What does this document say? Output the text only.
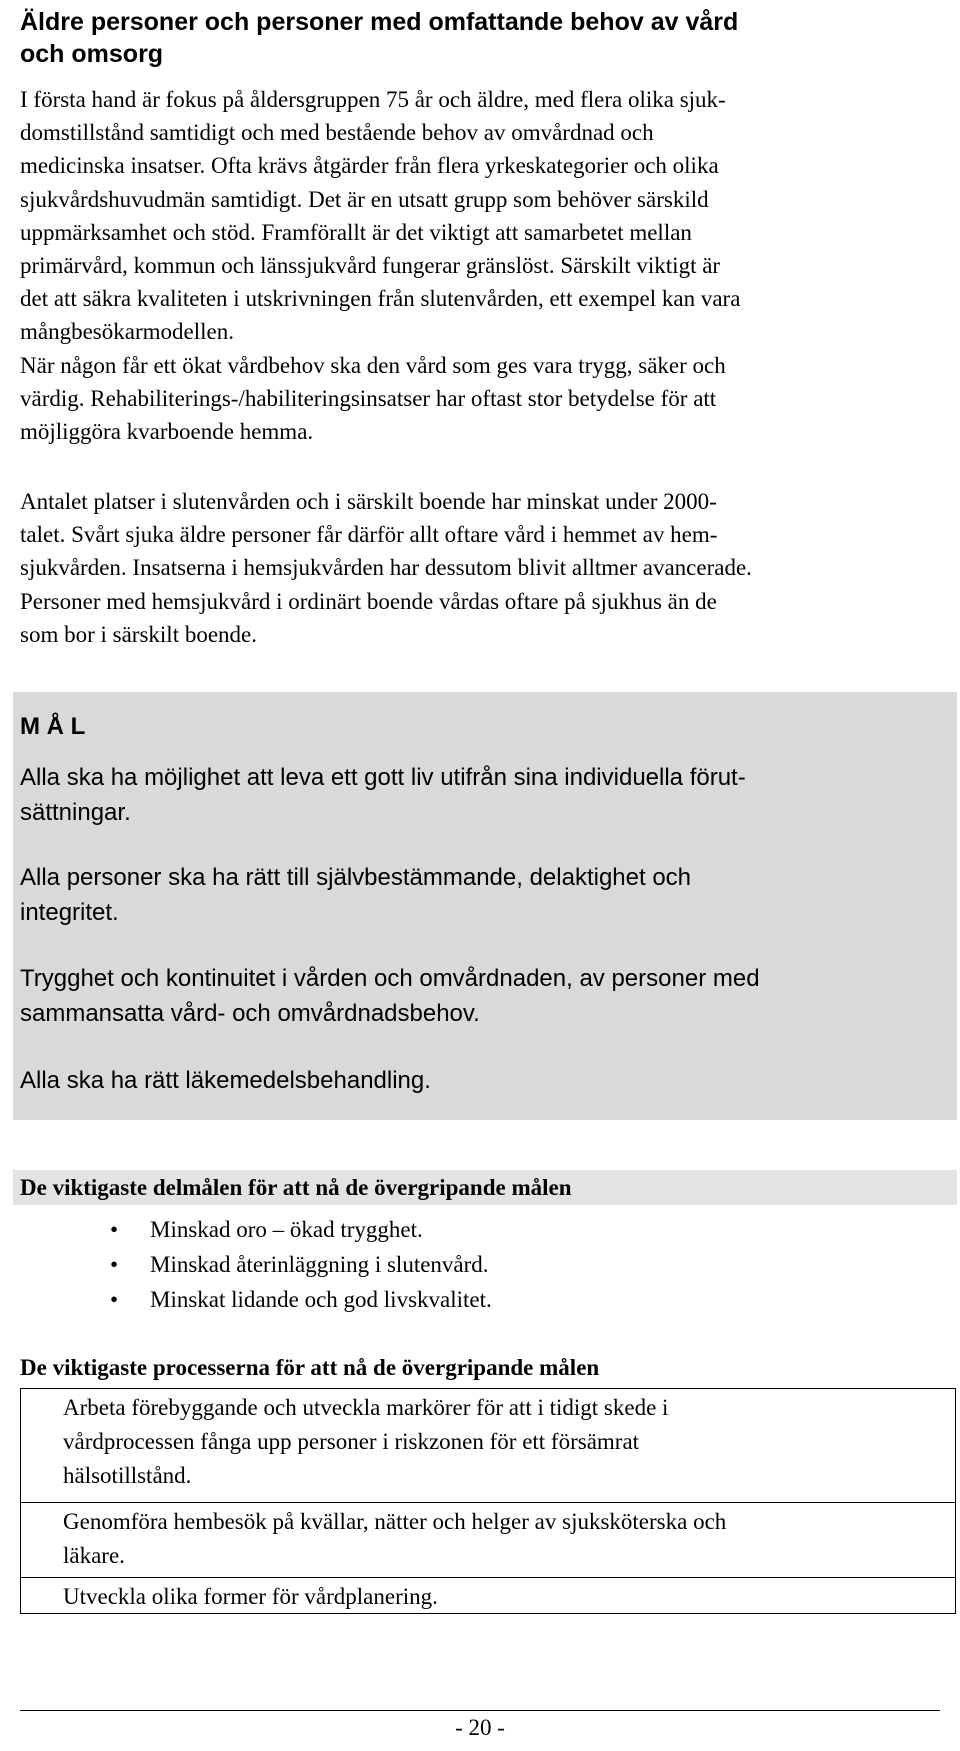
Äldre personer och personer med omfattande behov av vård
och omsorg
I första hand är fokus på åldersgruppen 75 år och äldre, med flera olika sjuk-
domstillstånd samtidigt och med bestående behov av omvårdnad och
medicinska insatser. Ofta krävs åtgärder från flera yrkeskategorier och olika
sjukvårdshuvudmän samtidigt. Det är en utsatt grupp som behöver särskild
uppmärksamhet och stöd. Framförallt är det viktigt att samarbetet mellan
primärvård, kommun och länssjukvård fungerar gränslöst. Särskilt viktigt är
det att säkra kvaliteten i utskrivningen från slutenvården, ett exempel kan vara
mångbesökarmodellen.
När någon får ett ökat vårdbehov ska den vård som ges vara trygg, säker och
värdig. Rehabiliterings-/habiliteringsinsatser har oftast stor betydelse för att
möjliggöra kvarboende hemma.
Antalet platser i slutenvården och i särskilt boende har minskat under 2000-
talet. Svårt sjuka äldre personer får därför allt oftare vård i hemmet av hem-
sjukvården. Insatserna i hemsjukvården har dessutom blivit alltmer avancerade.
Personer med hemsjukvård i ordinärt boende vårdas oftare på sjukhus än de
som bor i särskilt boende.
M Å L
Alla ska ha möjlighet att leva ett gott liv utifrån sina individuella förut-
sättningar.
Alla personer ska ha rätt till självbestämmande, delaktighet och
integritet.
Trygghet och kontinuitet i vården och omvårdnaden, av personer med
sammansatta vård- och omvårdnadsbehov.
Alla ska ha rätt läkemedelsbehandling.
De viktigaste delmålen för att nå de övergripande målen
• Minskad oro – ökad trygghet.
• Minskad återinläggning i slutenvård.
• Minskat lidande och god livskvalitet.
De viktigaste processerna för att nå de övergripande målen
Arbeta förebyggande och utveckla markörer för att i tidigt skede i
vårdprocessen fånga upp personer i riskzonen för ett försämrat
hälsotillstånd.
Genomföra hembesök på kvällar, nätter och helger av sjuksköterska och
läkare.
Utveckla olika former för vårdplanering.
- 20 -
